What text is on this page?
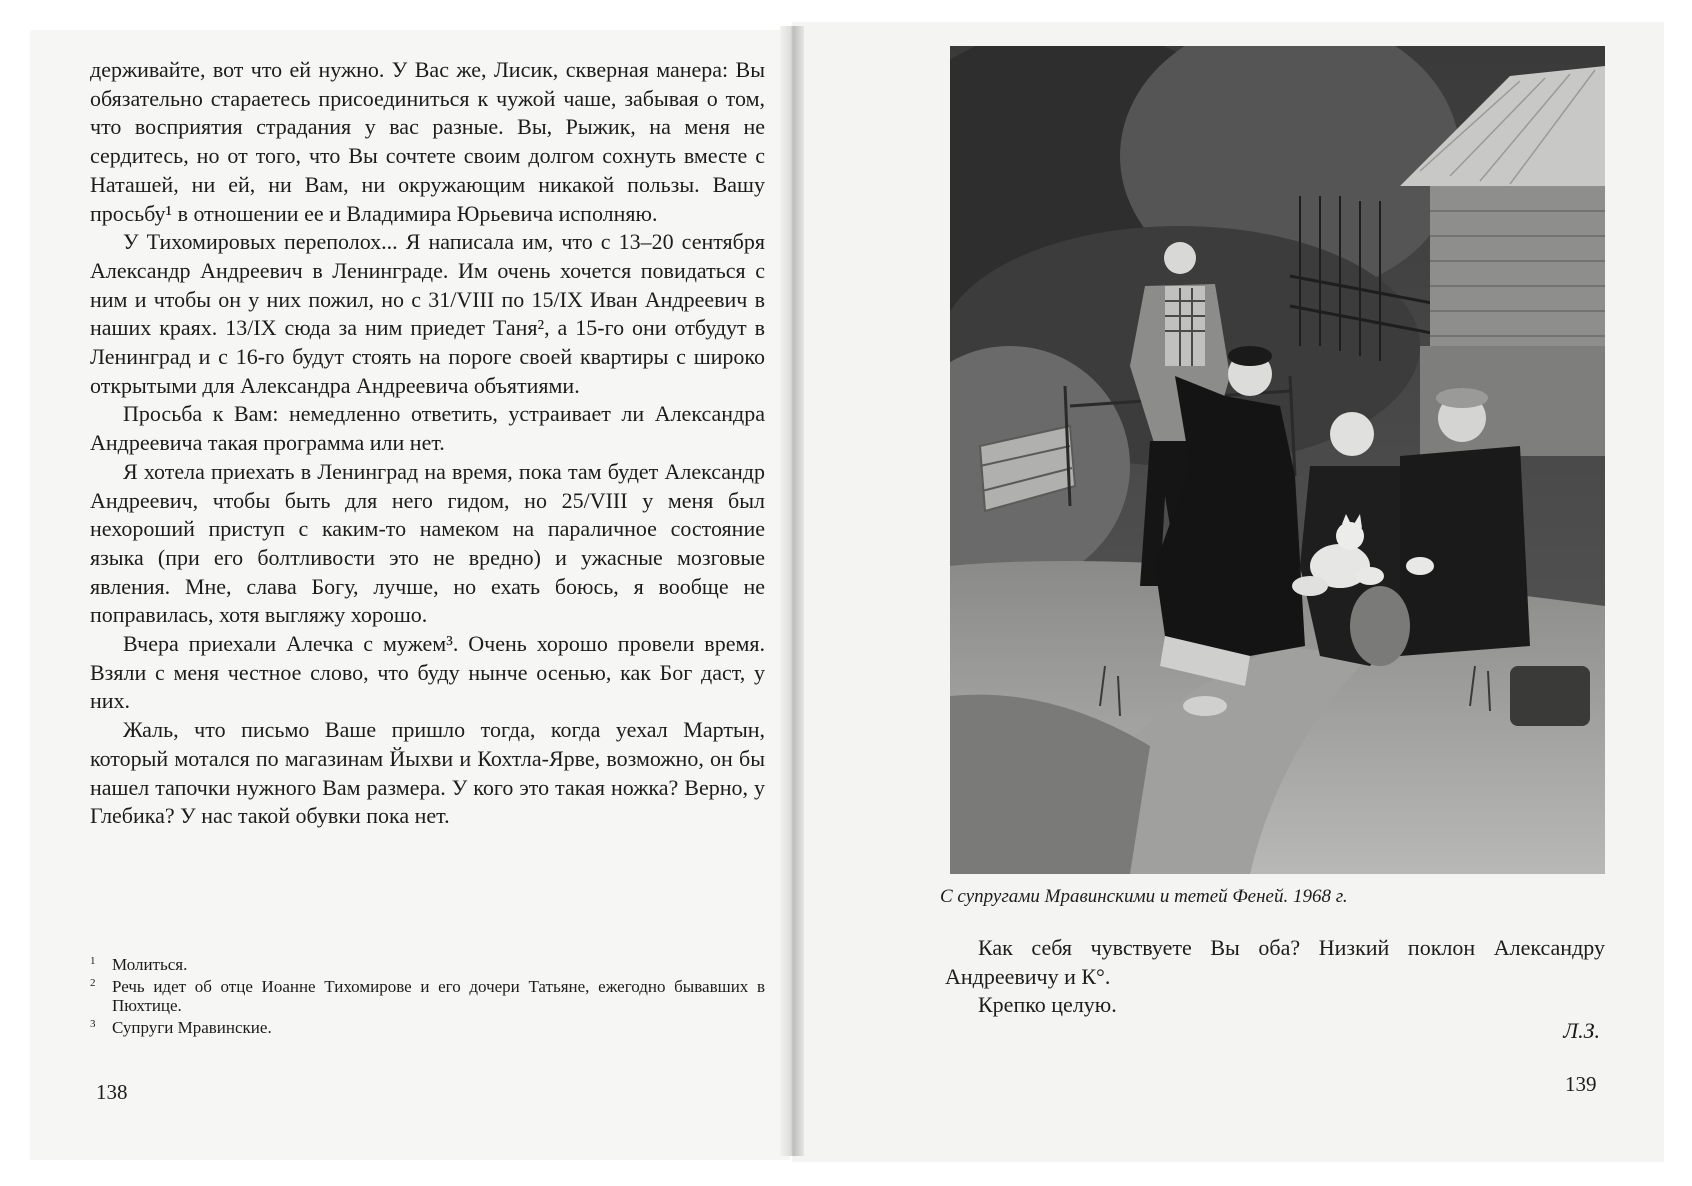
держивайте, вот что ей нужно. У Вас же, Лисик, скверная манера: Вы обязательно стараетесь присоединиться к чужой чаше, забывая о том, что восприятия страдания у вас разные. Вы, Рыжик, на меня не сердитесь, но от того, что Вы сочтете своим долгом сохнуть вместе с Наташей, ни ей, ни Вам, ни окружающим никакой пользы. Вашу просьбу¹ в отношении ее и Владимира Юрьевича исполняю.

У Тихомировых переполох... Я написала им, что с 13–20 сентября Александр Андреевич в Ленинграде. Им очень хочется повидаться с ним и чтобы он у них пожил, но с 31/VIII по 15/IX Иван Андреевич в наших краях. 13/IX сюда за ним приедет Таня², а 15-го они отбудут в Ленинград и с 16-го будут стоять на пороге своей квартиры с широко открытыми для Александра Андреевича объятиями.

Просьба к Вам: немедленно ответить, устраивает ли Александра Андреевича такая программа или нет.

Я хотела приехать в Ленинград на время, пока там будет Александр Андреевич, чтобы быть для него гидом, но 25/VIII у меня был нехороший приступ с каким-то намеком на параличное состояние языка (при его болтливости это не вредно) и ужасные мозговые явления. Мне, слава Богу, лучше, но ехать боюсь, я вообще не поправилась, хотя выгляжу хорошо.

Вчера приехали Алечка с мужем³. Очень хорошо провели время. Взяли с меня честное слово, что буду нынче осенью, как Бог даст, у них.

Жаль, что письмо Ваше пришло тогда, когда уехал Мартын, который мотался по магазинам Йыхви и Кохтла-Ярве, возможно, он бы нашел тапочки нужного Вам размера. У кого это такая ножка? Верно, у Глебика? У нас такой обувки пока нет.

$^1$ Молиться.

$^2$ Речь идет об отце Иоанне Тихомирове и его дочери Татьяне, ежегодно бывавших в Пюхтице.

$^3$ Супруги Мравинские.

138
С супругами Мравинскими и тетей Феней. 1968 г.

Как себя чувствуете Вы оба? Низкий поклон Александру Андреевичу и К°.

Крепко целую.

Л.З.
139
